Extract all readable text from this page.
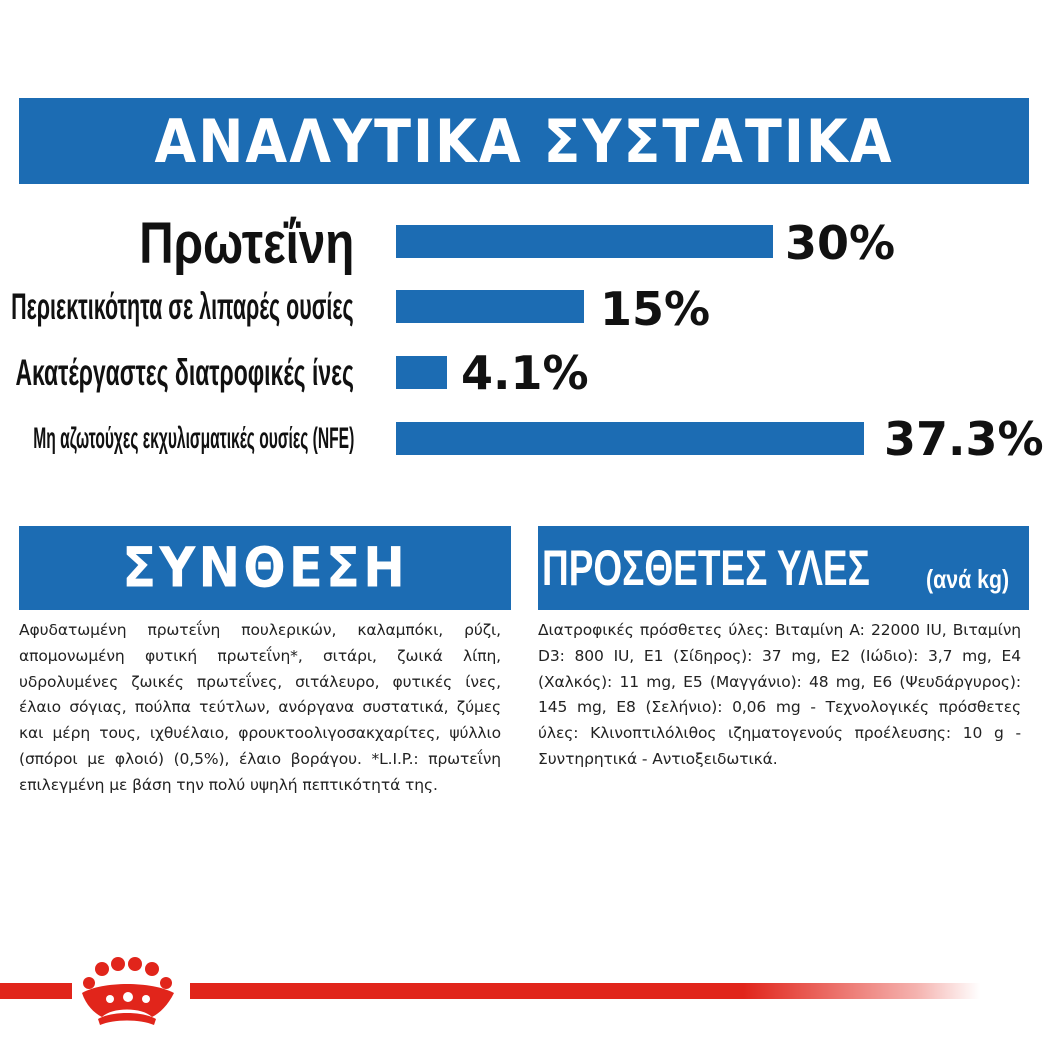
ΑΝΑΛΥΤΙΚΑ ΣΥΣΤΑΤΙΚΑ
Πρωτεΐνη	30%
Περιεκτικότητα σε λιπαρές ουσίες	15%
Ακατέργαστες διατροφικές ίνες 4.1%
Μη αζωτούχες εκχυλισματικές ουσίες (NFE)	37.3%
ΣΥΝΘΕΣΗ
Αφυδατωμένη πρωτεΐνη πουλερικών, καλαμπόκι, ρύζι, απομονωμένη φυτική πρωτεΐνη*, σιτάρι, ζωικά λίπη, υδρολυμένες ζωικές πρωτεΐνες, σιτάλευρο, φυτικές ίνες, έλαιο σόγιας, πούλπα τεύτλων, ανόργανα συστατικά, ζύμες και μέρη τους, ιχθυέλαιο, φρουκτοολιγοσακχαρίτες, ψύλλιο (σπόροι με φλοιό) (0,5%), έλαιο βοράγου. *L.I.P.: πρωτεΐνη επιλεγμένη με βάση την πολύ υψηλή πεπτικότητά της.
ΠΡΟΣΘΕΤΕΣ ΥΛΕΣ (ανά kg)
Διατροφικές πρόσθετες ύλες: Βιταμίνη A: 22000 IU, Βιταμίνη D3: 800 IU, E1 (Σίδηρος): 37 mg, E2 (Ιώδιο): 3,7 mg, E4 (Χαλκός): 11 mg, E5 (Μαγγάνιο): 48 mg, E6 (Ψευδάργυρος): 145 mg, E8 (Σελήνιο): 0,06 mg - Τεχνολογικές πρόσθετες ύλες: Κλινοπτιλόλιθος ιζηματογενούς προέλευσης: 10 g - Συντηρητικά - Αντιοξειδωτικά.
